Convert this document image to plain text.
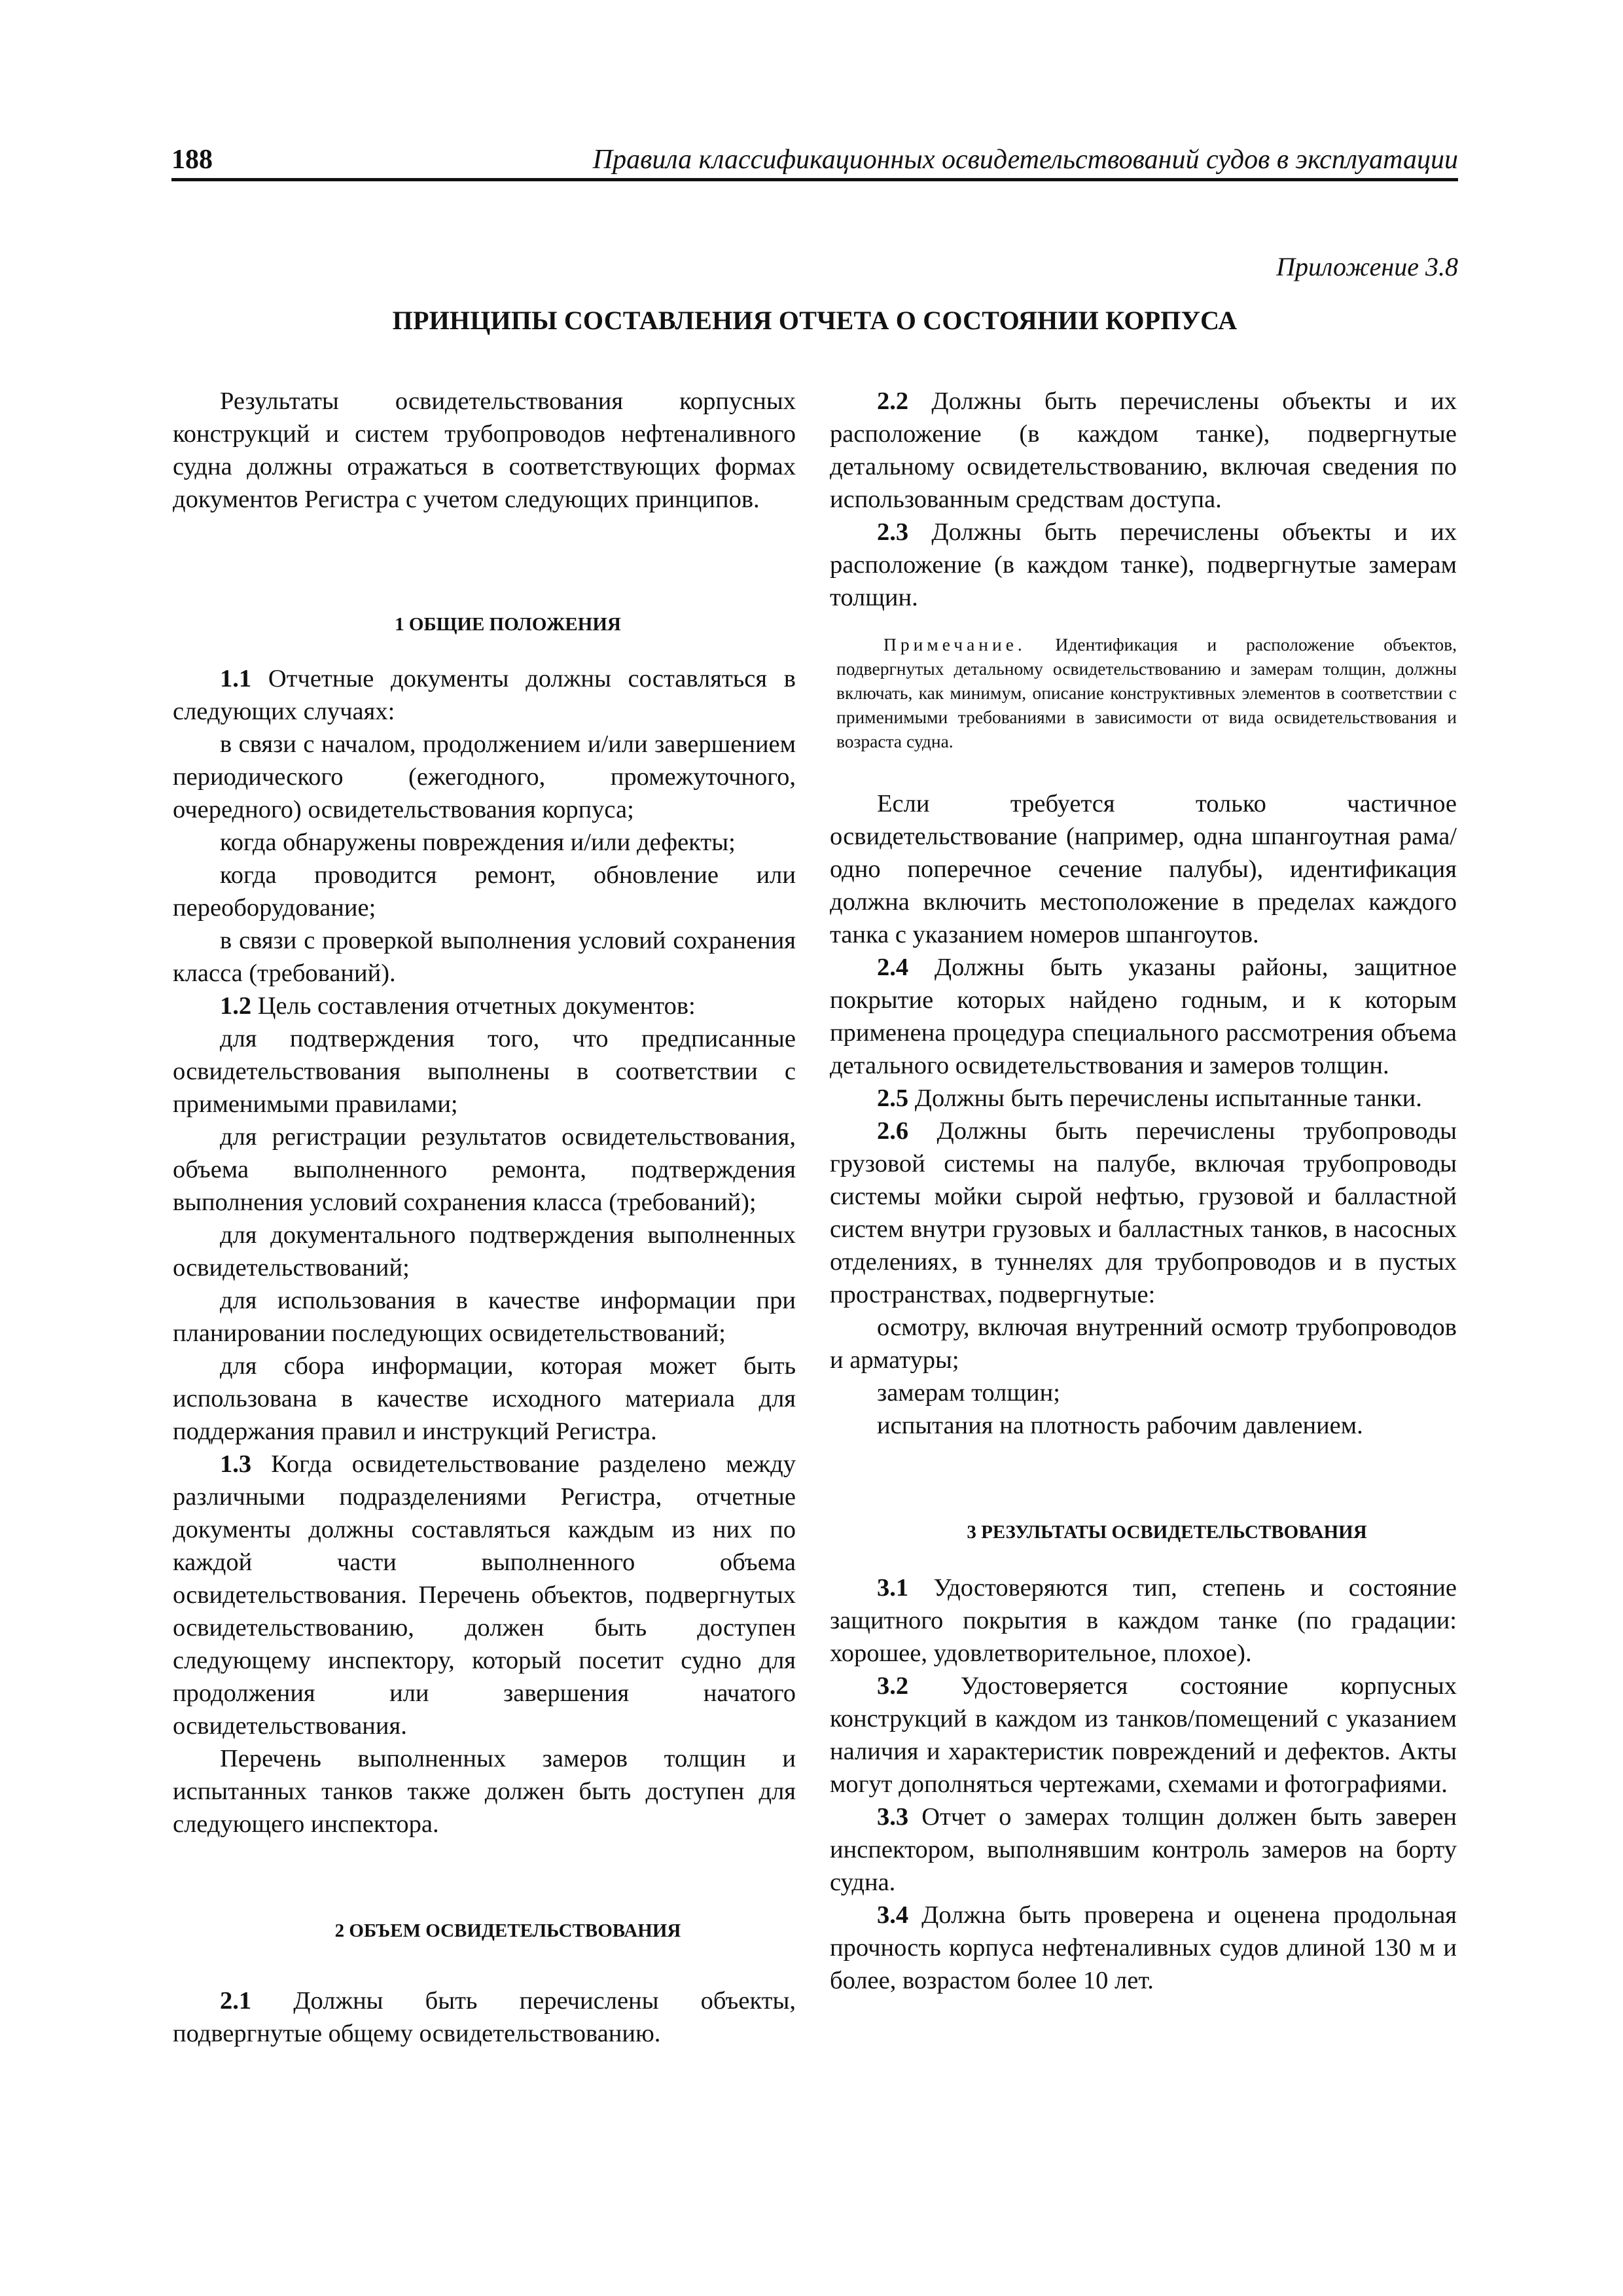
188	Правила классификационных освидетельствований судов в эксплуатации
Приложение 3.8
ПРИНЦИПЫ СОСТАВЛЕНИЯ ОТЧЕТА О СОСТОЯНИИ КОРПУСА

Результаты освидетельствования корпусных конструкций и систем трубопроводов нефтеналивного судна должны отражаться в соответствующих формах документов Регистра с учетом следующих принципов.

1 ОБЩИЕ ПОЛОЖЕНИЯ

1.1 Отчетные документы должны составляться в следующих случаях:

в связи с началом, продолжением и/или завершением периодического (ежегодного, промежуточного, очередного) освидетельствования корпуса;

когда обнаружены повреждения и/или дефекты;

когда проводится ремонт, обновление или переоборудование;

в связи с проверкой выполнения условий сохранения класса (требований).

1.2 Цель составления отчетных документов:

для подтверждения того, что предписанные освидетельствования выполнены в соответствии с применимыми правилами;

для регистрации результатов освидетельствования, объема выполненного ремонта, подтверждения выполнения условий сохранения класса (требований);

для документального подтверждения выполненных освидетельствований;

для использования в качестве информации при планировании последующих освидетельствований;

для сбора информации, которая может быть использована в качестве исходного материала для поддержания правил и инструкций Регистра.

1.3 Когда освидетельствование разделено между различными подразделениями Регистра, отчетные документы должны составляться каждым из них по каждой части выполненного объема освидетельствования. Перечень объектов, подвергнутых освидетельствованию, должен быть доступен следующему инспектору, который посетит судно для продолжения или завершения начатого освидетельствования.

Перечень выполненных замеров толщин и испытанных танков также должен быть доступен для следующего инспектора.

2 ОБЪЕМ ОСВИДЕТЕЛЬСТВОВАНИЯ

2.1 Должны быть перечислены объекты, подвергнутые общему освидетельствованию.

2.2 Должны быть перечислены объекты и их расположение (в каждом танке), подвергнутые детальному освидетельствованию, включая сведения по использованным средствам доступа.

2.3 Должны быть перечислены объекты и их расположение (в каждом танке), подвергнутые замерам толщин.

Примечание. Идентификация и расположение объектов, подвергнутых детальному освидетельствованию и замерам толщин, должны включать, как минимум, описание конструктивных элементов в соответствии с применимыми требованиями в зависимости от вида освидетельствования и возраста судна.

Если требуется только частичное освидетельствование (например, одна шпангоутная рама/одно поперечное сечение палубы), идентификация должна включить местоположение в пределах каждого танка с указанием номеров шпангоутов.

2.4 Должны быть указаны районы, защитное покрытие которых найдено годным, и к которым применена процедура специального рассмотрения объема детального освидетельствования и замеров толщин.

2.5 Должны быть перечислены испытанные танки.

2.6 Должны быть перечислены трубопроводы грузовой системы на палубе, включая трубопроводы системы мойки сырой нефтью, грузовой и балластной систем внутри грузовых и балластных танков, в насосных отделениях, в туннелях для трубопроводов и в пустых пространствах, подвергнутые:

осмотру, включая внутренний осмотр трубопроводов и арматуры;

замерам толщин;

испытания на плотность рабочим давлением.

3 РЕЗУЛЬТАТЫ ОСВИДЕТЕЛЬСТВОВАНИЯ

3.1 Удостоверяются тип, степень и состояние защитного покрытия в каждом танке (по градации: хорошее, удовлетворительное, плохое).

3.2 Удостоверяется состояние корпусных конструкций в каждом из танков/помещений с указанием наличия и характеристик повреждений и дефектов. Акты могут дополняться чертежами, схемами и фотографиями.

3.3 Отчет о замерах толщин должен быть заверен инспектором, выполнявшим контроль замеров на борту судна.

3.4 Должна быть проверена и оценена продольная прочность корпуса нефтеналивных судов длиной 130 м и более, возрастом более 10 лет.
